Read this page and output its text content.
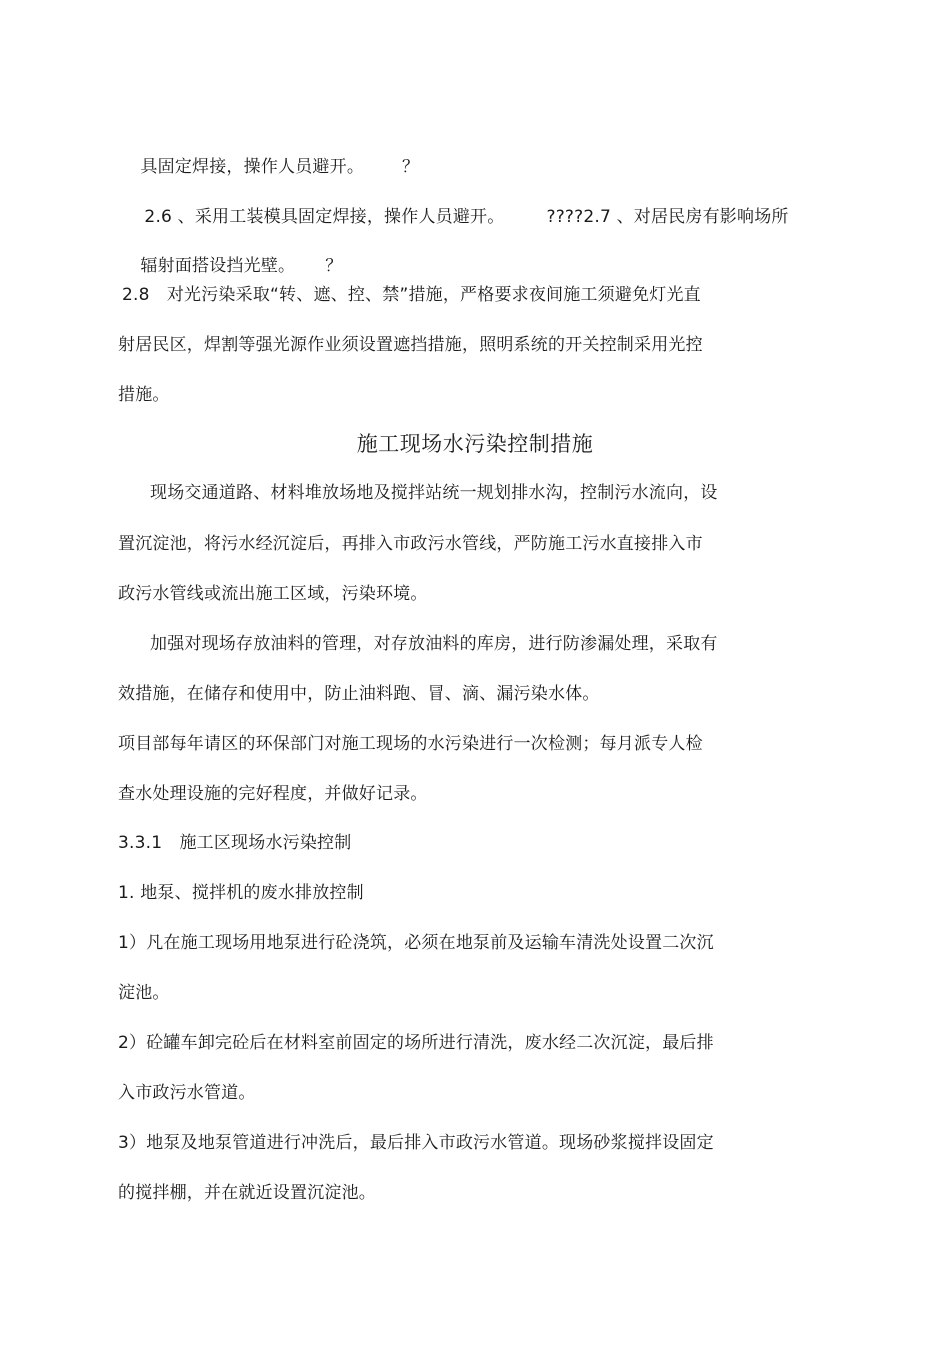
具固定焊接，操作人员避开。 ？

2.6 、采用工装模具固定焊接，操作人员避开。 ????2.7 、对居民房有影响场所

辐射面搭设挡光壁。 ？

2.8　对光污染采取“转、遮、控、禁”措施，严格要求夜间施工须避免灯光直
射居民区，焊割等强光源作业须设置遮挡措施，照明系统的开关控制采用光控
措施。
施工现场水污染控制措施
现场交通道路、材料堆放场地及搅拌站统一规划排水沟，控制污水流向，设
置沉淀池，将污水经沉淀后，再排入市政污水管线，严防施工污水直接排入市
政污水管线或流出施工区域，污染环境。
加强对现场存放油料的管理，对存放油料的库房，进行防渗漏处理，采取有
效措施，在储存和使用中，防止油料跑、冒、滴、漏污染水体。
项目部每年请区的环保部门对施工现场的水污染进行一次检测；每月派专人检
查水处理设施的完好程度，并做好记录。
3.3.1　施工区现场水污染控制
1. 地泵、搅拌机的废水排放控制
1）凡在施工现场用地泵进行砼浇筑，必须在地泵前及运输车清洗处设置二次沉
淀池。
2）砼罐车卸完砼后在材料室前固定的场所进行清洗，废水经二次沉淀，最后排
入市政污水管道。
3）地泵及地泵管道进行冲洗后，最后排入市政污水管道。现场砂浆搅拌设固定
的搅拌棚，并在就近设置沉淀池。
